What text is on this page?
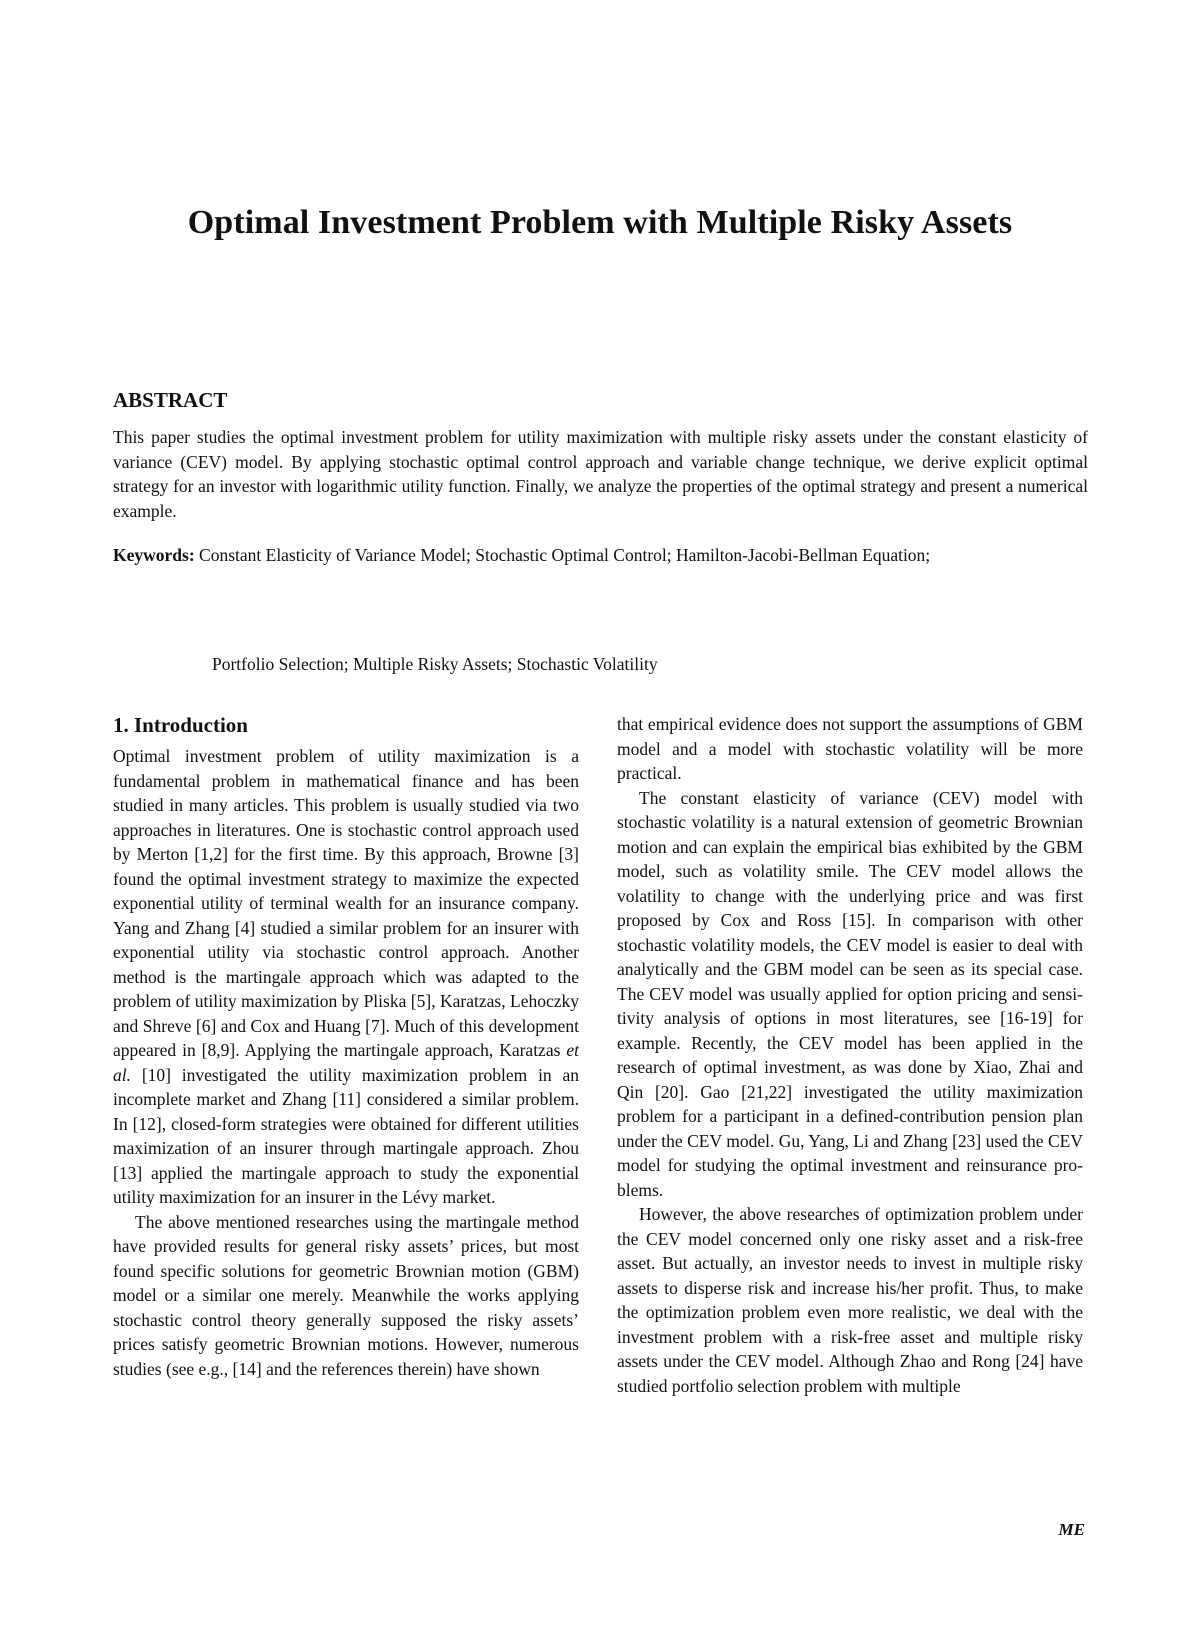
Optimal Investment Problem with Multiple Risky Assets
ABSTRACT

This paper studies the optimal investment problem for utility maximization with multiple risky assets under the constant elasticity of variance (CEV) model. By applying stochastic optimal control approach and variable change technique, we derive explicit optimal strategy for an investor with logarithmic utility function. Finally, we analyze the properties of the optimal strategy and present a numerical example.

Keywords: Constant Elasticity of Variance Model; Stochastic Optimal Control; Hamilton-Jacobi-Bellman Equation;

Portfolio Selection; Multiple Risky Assets; Stochastic Volatility

1. Introduction

Optimal investment problem of utility maximization is a fundamental problem in mathematical finance and has been studied in many articles. This problem is usually studied via two approaches in literatures. One is stochastic control approach used by Merton [1,2] for the first time. By this approach, Browne [3] found the optimal investment strategy to maximize the expected exponential utility of terminal wealth for an insurance company. Yang and Zhang [4] studied a similar problem for an insurer with exponential utility via stochastic control approach. Another method is the martingale approach which was adapted to the problem of utility maximization by Pliska [5], Karatzas, Lehoczky and Shreve [6] and Cox and Huang [7]. Much of this development appeared in [8,9]. Applying the martingale approach, Karatzas et al. [10] investigated the utility maximization problem in an incomplete market and Zhang [11] considered a similar problem. In [12], closed-form strategies were obtained for different utilities maximization of an insurer through martingale approach. Zhou [13] applied the martingale approach to study the exponential utility maximization for an insurer in the Lévy market.

The above mentioned researches using the martingale method have provided results for general risky assets’ prices, but most found specific solutions for geometric Brownian motion (GBM) model or a similar one merely. Meanwhile the works applying stochastic control theory generally supposed the risky assets’ prices satisfy geometric Brownian motions. However, numerous studies (see e.g., [14] and the references therein) have shown

that empirical evidence does not support the assumptions of GBM model and a model with stochastic volatility will be more practical.

The constant elasticity of variance (CEV) model with stochastic volatility is a natural extension of geometric Brownian motion and can explain the empirical bias exhibited by the GBM model, such as volatility smile. The CEV model allows the volatility to change with the underlying price and was first proposed by Cox and Ross [15]. In comparison with other stochastic volatility models, the CEV model is easier to deal with analytically and the GBM model can be seen as its special case. The CEV model was usually applied for option pricing and sensitivity analysis of options in most literatures, see [16-19] for example. Recently, the CEV model has been applied in the research of optimal investment, as was done by Xiao, Zhai and Qin [20]. Gao [21,22] investigated the utility maximization problem for a participant in a defined-contribution pension plan under the CEV model. Gu, Yang, Li and Zhang [23] used the CEV model for studying the optimal investment and reinsurance problems.

However, the above researches of optimization problem under the CEV model concerned only one risky asset and a risk-free asset. But actually, an investor needs to invest in multiple risky assets to disperse risk and increase his/her profit. Thus, to make the optimization problem even more realistic, we deal with the investment problem with a risk-free asset and multiple risky assets under the CEV model. Although Zhao and Rong [24] have studied portfolio selection problem with multiple

ME
